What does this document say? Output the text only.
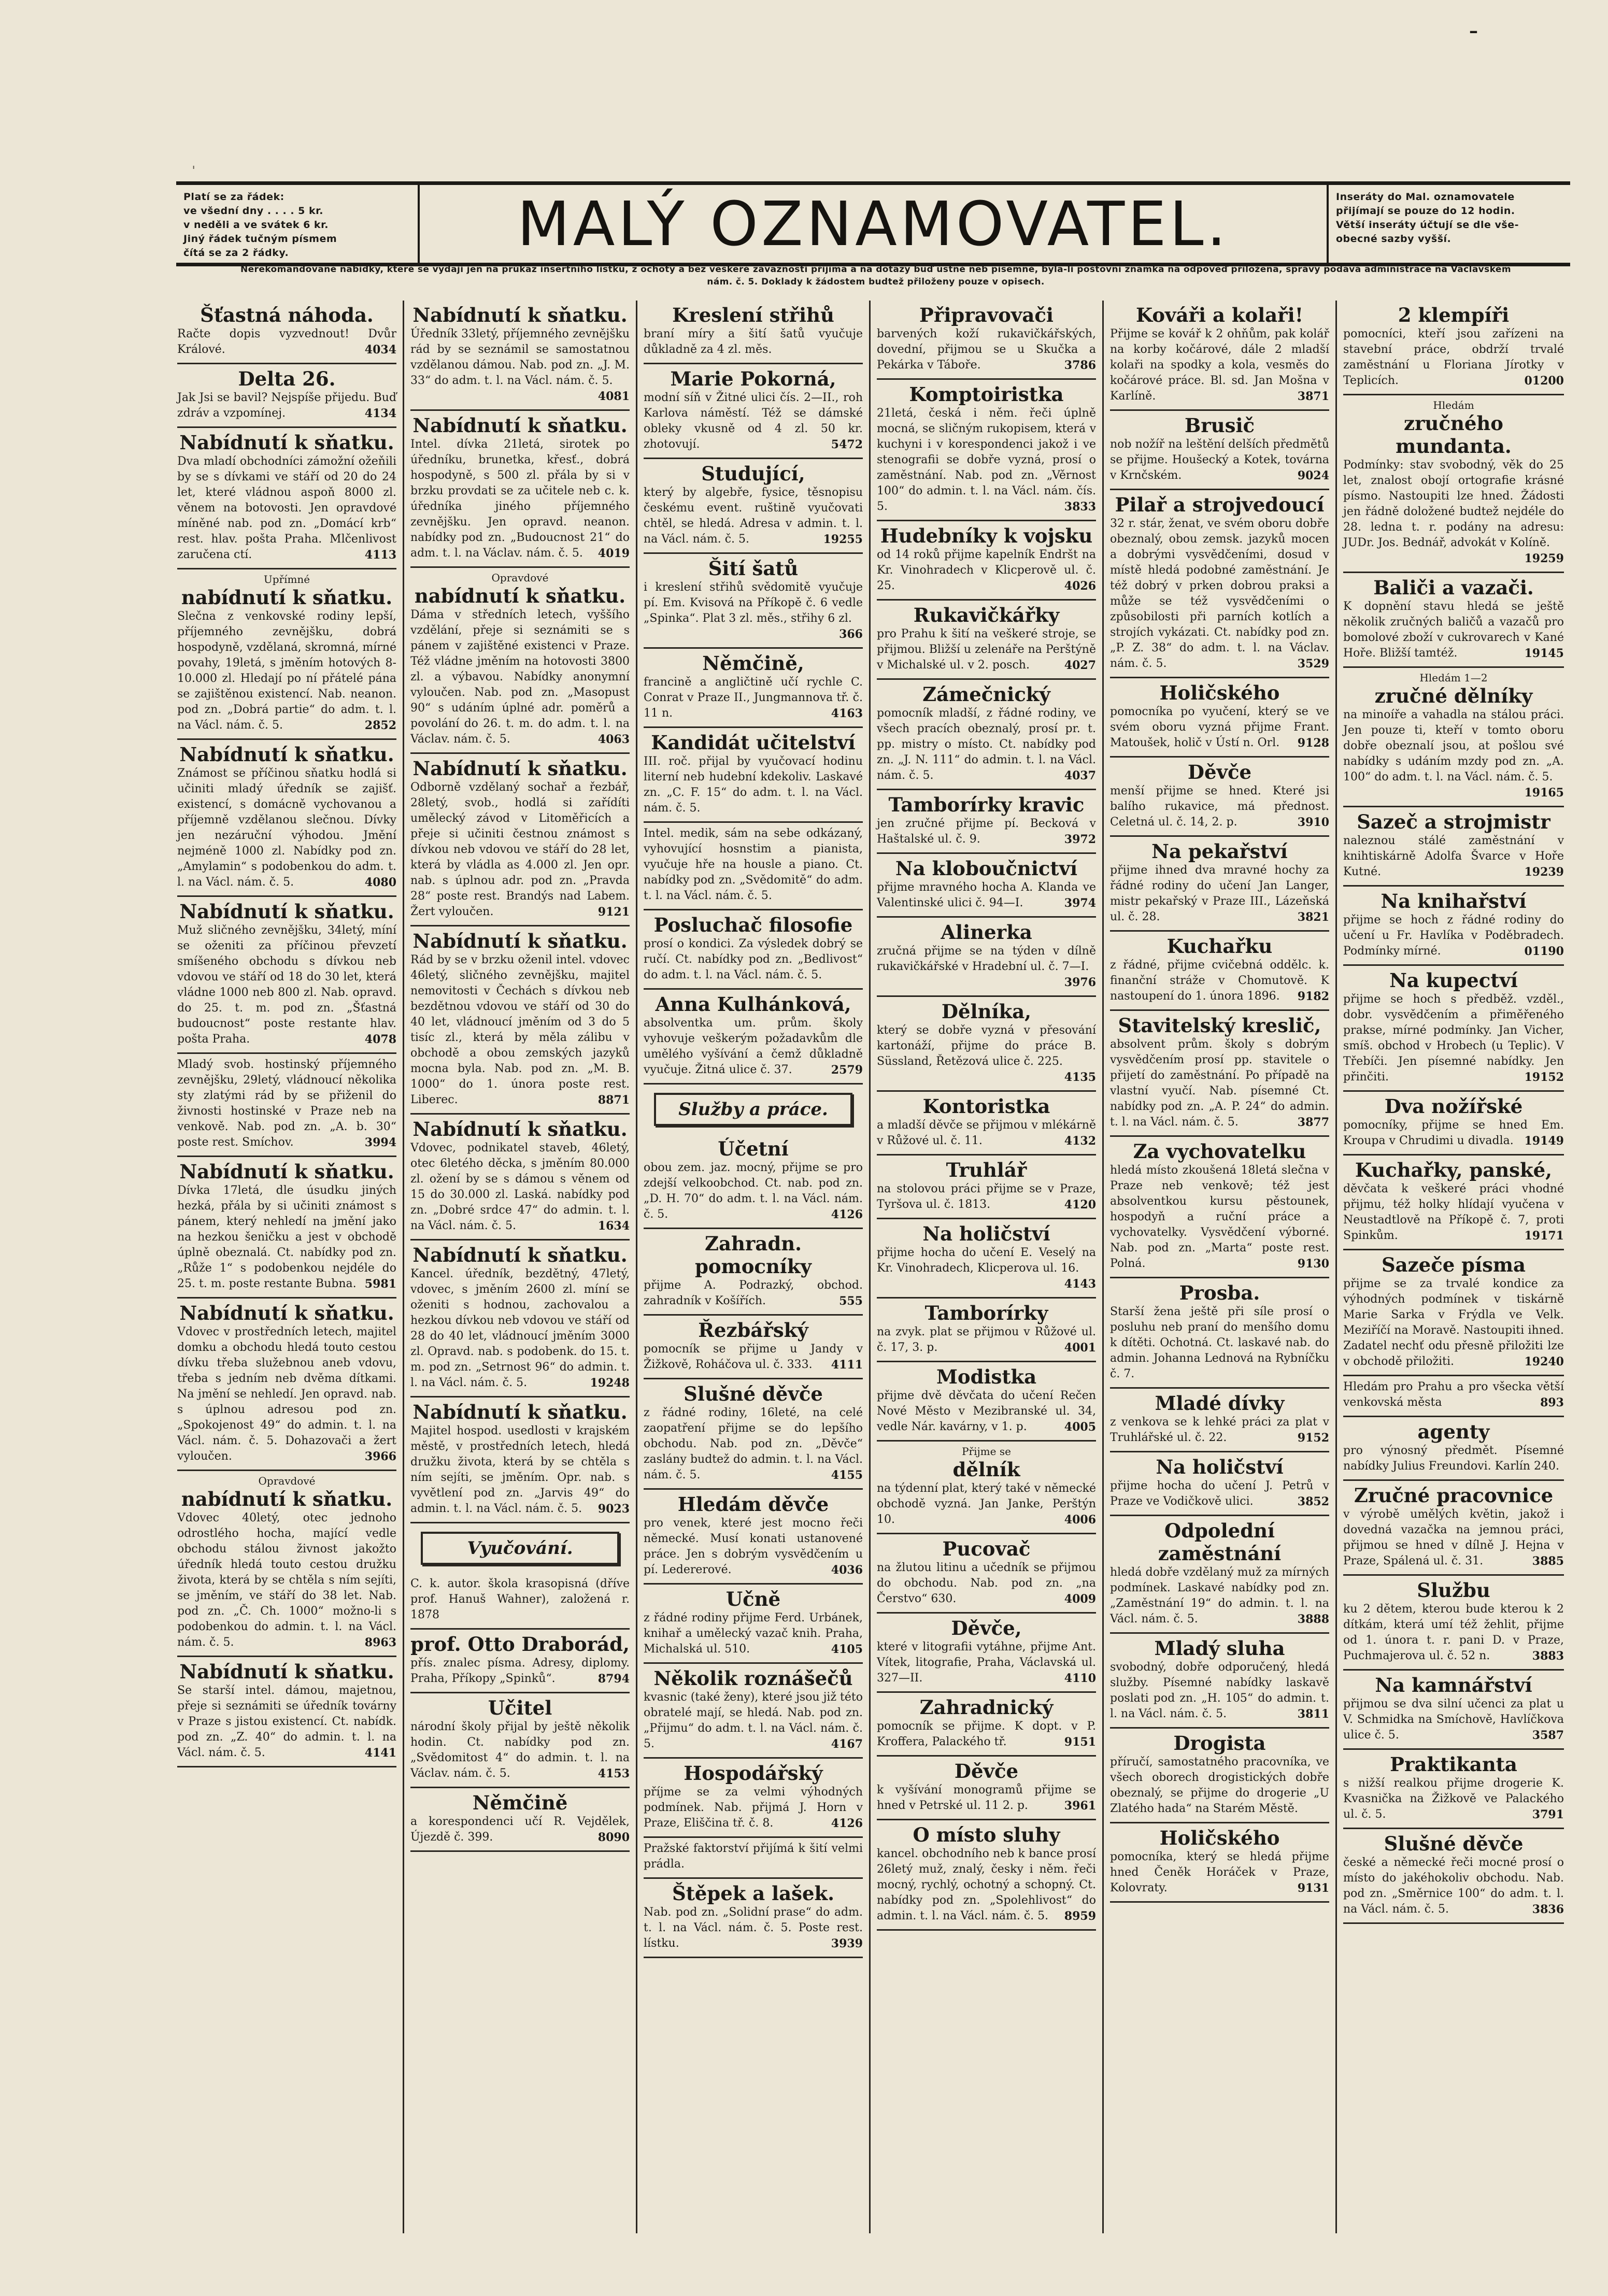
–
ˌ
Platí se za řádek:
ve všední dny . . . . 5 kr.
v neděli a ve svátek 6 kr.
Jiný řádek tučným písmem
čítá se za 2 řádky.	MALÝ OZNAMOVATEL.	Inseráty do Mal. oznamovatele
přijímají se pouze do 12 hodin.
Větší inseráty účtují se dle vše-
obecné sazby vyšší.
Nerekomandované nabídky, které se vydají jen na průkaz insertního lístku, z ochoty a bez veškeré závaznosti přijímá a na dotazy buď ústně neb písemně, byla-li poštovní známka na odpověď přiložena, správy podává administrace na Václavském nám. č. 5. Doklady k žádostem budtež přiloženy pouze v opisech.
Šťastná náhoda.
Račte dopis vyzvednout! Dvůr Králové.	4034
Delta 26.
Jak Jsi se bavil? Nejspíše přijedu. Buď zdráv a vzpomínej.	4134
Nabídnutí k sňatku.
Dva mladí obchodníci zámožní ožeňili by se s dívkami ve stáří od 20 do 24 let, které vládnou aspoň 8000 zl. věnem na botovosti. Jen opravdové míněné nab. pod zn. „Domácí krb“ rest. hlav. pošta Praha. Mlčenlivost zaručena ctí.	4113
Upřímné
nabídnutí k sňatku.
Slečna z venkovské rodiny lepší, příjemného zevnějšku, dobrá hospodyně, vzdělaná, skromná, mírné povahy, 19letá, s jměním hotových 8-10.000 zl. Hledají po ní přátelé pána se zajištěnou existencí. Nab. neanon. pod zn. „Dobrá partie“ do adm. t. l. na Václ. nám. č. 5.	2852
Nabídnutí k sňatku.
Známost se příčinou sňatku hodlá si učiniti mladý úředník se zajišť. existencí, s domácně vychovanou a příjemně vzdělanou slečnou. Dívky jen nezáruční výhodou. Jmění nejméně 1000 zl. Nabídky pod zn. „Amylamin“ s podobenkou do adm. t. l. na Václ. nám. č. 5.	4080
Nabídnutí k sňatku.
Muž sličného zevnějšku, 34letý, míní se oženiti za příčinou převzetí smíšeného obchodu s dívkou neb vdovou ve stáří od 18 do 30 let, která vládne 1000 neb 800 zl. Nab. opravd. do 25. t. m. pod zn. „Šťastná budoucnost“ poste restante hlav. pošta Praha.	4078
Mladý svob. hostinský příjemného zevnějšku, 29letý, vládnoucí několika sty zlatými rád by se přiženil do živnosti hostinské v Praze neb na venkově. Nab. pod zn. „A. b. 30“ poste rest. Smíchov.	3994
Nabídnutí k sňatku.
Dívka 17letá, dle úsudku jiných hezká, přála by si učiniti známost s pánem, který nehledí na jmění jako na hezkou šeničku a jest v obchodě úplně obeznalá. Ct. nabídky pod zn. „Růže 1“ s podobenkou nejdéle do 25. t. m. poste restante Bubna. 5981
Nabídnutí k sňatku.
Vdovec v prostředních letech, majitel domku a obchodu hledá touto cestou dívku třeba služebnou aneb vdovu, třeba s jedním neb dvěma dítkami. Na jmění se nehledí. Jen opravd. nab. s úplnou adresou pod zn. „Spokojenost 49“ do admin. t. l. na Václ. nám. č. 5. Dohazovači a žert vyloučen.	3966
Opravdové
nabídnutí k sňatku.
Vdovec 40letý, otec jednoho odrostlého hocha, mající vedle obchodu stálou živnost jakožto úředník hledá touto cestou družku života, která by se chtěla s ním sejíti, se jměním, ve stáří do 38 let. Nab. pod zn. „Č. Ch. 1000“ možno-li s podobenkou do admin. t. l. na Václ. nám. č. 5.	8963
Nabídnutí k sňatku.
Se starší intel. dámou, majetnou, přeje si seznámiti se úředník továrny v Praze s jistou existencí. Ct. nabídk. pod zn. „Z. 40“ do admin. t. l. na Václ. nám. č. 5.	4141
Nabídnutí k sňatku.
Úředník 33letý, příjemného zevnějšku rád by se seznámil se samostatnou vzdělanou dámou. Nab. pod zn. „J. M. 33“ do adm. t. l. na Václ. nám. č. 5.
4081
Nabídnutí k sňatku.
Intel. dívka 21letá, sirotek po úředníku, brunetka, křesť., dobrá hospodyně, s 500 zl. přála by si v brzku provdati se za učitele neb c. k. úředníka jiného příjemného zevnějšku. Jen opravd. neanon. nabídky pod zn. „Budoucnost 21“ do adm. t. l. na Václav. nám. č. 5. 4019
Opravdové
nabídnutí k sňatku.
Dáma v středních letech, vyššího vzdělání, přeje si seznámiti se s pánem v zajištěné existenci v Praze. Též vládne jměním na hotovosti 3800 zl. a výbavou. Nabídky anonymní vyloučen. Nab. pod zn. „Masopust 90“ s udáním úplné adr. poměrů a povolání do 26. t. m. do adm. t. l. na Václav. nám. č. 5.	4063
Nabídnutí k sňatku.
Odborně vzdělaný sochař a řezbář, 28letý, svob., hodlá si zařídíti umělecký závod v Litoměřicích a přeje si učiniti čestnou známost s dívkou neb vdovou ve stáří do 28 let, která by vládla as 4.000 zl. Jen opr. nab. s úplnou adr. pod zn. „Pravda 28“ poste rest. Brandýs nad Labem. Žert vyloučen.	9121
Nabídnutí k sňatku.
Rád by se v brzku oženil intel. vdovec 46letý, sličného zevnějšku, majitel nemovitosti v Čechách s dívkou neb bezdětnou vdovou ve stáří od 30 do 40 let, vládnoucí jměním od 3 do 5 tisíc zl., která by měla zálibu v obchodě a obou zemských jazyků mocna byla. Nab. pod zn. „M. B. 1000“ do 1. února poste rest. Liberec.	8871
Nabídnutí k sňatku.
Vdovec, podnikatel staveb, 46letý, otec 6letého děcka, s jměním 80.000 zl. ožení by se s dámou s věnem od 15 do 30.000 zl. Laská. nabídky pod zn. „Dobré srdce 47“ do admin. t. l. na Václ. nám. č. 5.	1634
Nabídnutí k sňatku.
Kancel. úředník, bezdětný, 47letý, vdovec, s jměním 2600 zl. míní se oženiti s hodnou, zachovalou a hezkou dívkou neb vdovou ve stáří od 28 do 40 let, vládnoucí jměním 3000 zl. Opravd. nab. s podobenk. do 15. t. m. pod zn. „Setrnost 96“ do admin. t. l. na Václ. nám. č. 5.	19248
Nabídnutí k sňatku.
Majitel hospod. usedlosti v krajském městě, v prostředních letech, hledá družku života, která by se chtěla s ním sejíti, se jměním. Opr. nab. s vyvětlení pod zn. „Jarvis 49“ do admin. t. l. na Václ. nám. č. 5. 9023
Vyučování.
C. k. autor. škola krasopisná (dříve prof. Hanuš Wahner), založená r. 1878
prof. Otto Draborád,
přís. znalec písma. Adresy, diplomy. Praha, Příkopy „Spinků“.	8794
Učitel
národní školy přijal by ještě několik hodin. Ct. nabídky pod zn. „Svědomitost 4“ do admin. t. l. na Václav. nám. č. 5.	4153
Němčině
a korespondenci učí R. Vejdělek, Újezdě č. 399.	8090
Kreslení střihů
braní míry a šití šatů vyučuje důkladně za 4 zl. měs.
Marie Pokorná,
modní síň v Žitné ulici čís. 2—II., roh Karlova náměstí. Též se dámské obleky vkusně od 4 zl. 50 kr. zhotovují.	5472
Studující,
který by algebře, fysice, těsnopisu českému event. ruštině vyučovati chtěl, se hledá. Adresa v admin. t. l. na Václ. nám. č. 5.	19255
Šití šatů
i kreslení střihů svědomitě vyučuje pí. Em. Kvisová na Příkopě č. 6 vedle „Spinka“. Plat 3 zl. měs., střihy 6 zl.
366
Němčině,
francině a angličtině učí rychle C. Conrat v Praze II., Jungmannova tř. č. 11 n.	4163
Kandidát učitelství
III. roč. přijal by vyučovací hodinu literní neb hudební kdekoliv. Laskavé zn. „C. F. 15“ do adm. t. l. na Václ. nám. č. 5.
Intel. medik, sám na sebe odkázaný, vyhovující hosnstim a pianista, vyučuje hře na housle a piano. Ct. nabídky pod zn. „Svědomitě“ do adm. t. l. na Václ. nám. č. 5.
Posluchač filosofie
prosí o kondici. Za výsledek dobrý se ručí. Ct. nabídky pod zn. „Bedlivost“ do adm. t. l. na Václ. nám. č. 5.
Anna Kulhánková,
absolventka um. prům. školy vyhovuje veškerým požadavkům dle umělého vyšívání a čemž důkladně vyučuje. Žitná ulice č. 37.	2579
Služby a práce.
Účetní
obou zem. jaz. mocný, přijme se pro zdejší velkoobchod. Ct. nab. pod zn. „D. H. 70“ do adm. t. l. na Václ. nám. č. 5.	4126
Zahradn. pomocníky
přijme A. Podrazký, obchod. zahradník v Košířích.	555
Řezbářský
pomocník se přijme u Jandy v Žižkově, Roháčova ul. č. 333. 4111
Slušné děvče
z řádné rodiny, 16leté, na celé zaopatření přijme se do lepšího obchodu. Nab. pod zn. „Děvče“ zaslány budtež do admin. t. l. na Václ. nám. č. 5.	4155
Hledám děvče
pro venek, které jest mocno řeči německé. Musí konati ustanovené práce. Jen s dobrým vysvědčením u pí. Ledererové.	4036
Učně
z řádné rodiny přijme Ferd. Urbánek, knihař a umělecký vazač knih. Praha, Michalská ul. 510.	4105
Několik roznášečů
kvasnic (také ženy), které jsou již této obratelé mají, se hledá. Nab. pod zn. „Přijmu“ do adm. t. l. na Václ. nám. č. 5.	4167
Hospodářský
příjme se za velmi výhodných podmínek. Nab. přijmá J. Horn v Praze, Eliščina tř. č. 8.	4126
Pražské faktorství přijímá k šití velmi prádla.
Štěpek a lašek.
Nab. pod zn. „Solidní prase“ do adm. t. l. na Václ. nám. č. 5. Poste rest. lístku.	3939
Připravovači
barvených koží rukavičkářských, dovední, přijmou se u Skučka a Pekárka v Táboře.	3786
Komptoiristka
21letá, česká i něm. řeči úplně mocná, se sličným rukopisem, která v kuchyni i v korespondenci jakož i ve stenografii se dobře vyzná, prosí o zaměstnání. Nab. pod zn. „Věrnost 100“ do admin. t. l. na Václ. nám. čís. 5.	3833
Hudebníky k vojsku
od 14 roků přijme kapelník Endršt na Kr. Vinohradech v Klicperově ul. č. 25.	4026
Rukavičkářky
pro Prahu k šití na veškeré stroje, se přijmou. Bližší u zelenáře na Perštýně v Michalské ul. v 2. posch.	4027
Zámečnický
pomocník mladší, z řádné rodiny, ve všech pracích obeznalý, prosí pr. t. pp. mistry o místo. Ct. nabídky pod zn. „J. N. 111“ do admin. t. l. na Václ. nám. č. 5.	4037
Tamborírky kravic
jen zručné přijme pí. Becková v Haštalské ul. č. 9.	3972
Na kloboučnictví
přijme mravného hocha A. Klanda ve Valentinské ulici č. 94—I.	3974
Alinerka
zručná přijme se na týden v dílně rukavičkářské v Hradební ul. č. 7—I.
3976
Dělníka,
který se dobře vyzná v přesování kartonáží, přijme do práce B. Süssland, Řetězová ulice č. 225.
4135
Kontoristka
a mladší děvče se přijmou v mlékárně v Růžové ul. č. 11.	4132
Truhlář
na stolovou práci přijme se v Praze, Tyršova ul. č. 1813.	4120
Na holičství
přijme hocha do učení E. Veselý na Kr. Vinohradech, Klicperova ul. 16.
4143
Tamborírky
na zvyk. plat se přijmou v Růžové ul. č. 17, 3. p.	4001
Modistka
přijme dvě děvčata do učení Rečen Nové Město v Mezibranské ul. 34, vedle Nár. kavárny, v 1. p.	4005
Přijme se
dělník
na týdenní plat, který také v německé obchodě vyzná. Jan Janke, Perštýn 10.	4006
Pucovač
na žlutou litinu a učedník se přijmou do obchodu. Nab. pod zn. „na Čerstvo“ 630.	4009
Děvče,
které v litografii vytáhne, přijme Ant. Vítek, litografie, Praha, Václavská ul. 327—II.	4110
Zahradnický
pomocník se přijme. K dopt. v P. Kroffera, Palackého tř.	9151
Děvče
k vyšívání monogramů přijme se hned v Petrské ul. 11 2. p.	3961
O místo sluhy
kancel. obchodního neb k bance prosí 26letý muž, znalý, česky i něm. řeči mocný, rychlý, ochotný a schopný. Ct. nabídky pod zn. „Spolehlivost“ do admin. t. l. na Václ. nám. č. 5. 8959
Kováři a kolaři!
Přijme se kovář k 2 ohňům, pak kolář na korby kočárové, dále 2 mladší kolaři na spodky a kola, vesměs do kočárové práce. Bl. sd. Jan Mošna v Karlíně.	3871
Brusič
nob nožíř na leštění delších předmětů se přijme. Houšecký a Kotek, továrna v Krnčském.	9024
Pilař a strojvedoucí
32 r. stár, ženat, ve svém oboru dobře obeznalý, obou zemsk. jazyků mocen a dobrými vysvědčeními, dosud v místě hledá podobné zaměstnání. Je též dobrý v prken dobrou praksi a může se též vysvědčeními o způsobilosti při parních kotlích a strojích vykázati. Ct. nabídky pod zn. „P. Z. 38“ do adm. t. l. na Václav. nám. č. 5.	3529
Holičského
pomocníka po vyučení, který se ve svém oboru vyzná přijme Frant. Matoušek, holič v Ústí n. Orl. 9128
Děvče
menší přijme se hned. Které jsi balího rukavice, má přednost. Celetná ul. č. 14, 2. p.	3910
Na pekařství
přijme ihned dva mravné hochy za řádné rodiny do učení Jan Langer, mistr pekařský v Praze III., Lázeňská ul. č. 28.	3821
Kuchařku
z řádné, přijme cvičebná oddělc. k. finanční stráže v Chomutově. K nastoupení do 1. února 1896. 9182
Stavitelský kreslič,
absolvent prům. školy s dobrým vysvědčením prosí pp. stavitele o přijetí do zaměstnání. Po případě na vlastní vyučí. Nab. písemné Ct. nabídky pod zn. „A. P. 24“ do admin. t. l. na Václ. nám. č. 5.	3877
Za vychovatelku
hledá místo zkoušená 18letá slečna v Praze neb venkově; též jest absolventkou kursu pěstounek, hospodyň a ruční práce a vychovatelky. Vysvědčení výborné. Nab. pod zn. „Marta“ poste rest. Polná.	9130
Prosba.
Starší žena ještě při síle prosí o posluhu neb praní do menšího domu k dítěti. Ochotná. Ct. laskavé nab. do admin. Johanna Lednová na Rybníčku č. 7.
Mladé dívky
z venkova se k lehké práci za plat v Truhlářské ul. č. 22.	9152
Na holičství
přijme hocha do učení J. Petrů v Praze ve Vodičkově ulici.	3852
Odpolední zaměstnání
hledá dobře vzdělaný muž za mírných podmínek. Laskavé nabídky pod zn. „Zaměstnání 19“ do admin. t. l. na Václ. nám. č. 5.	3888
Mladý sluha
svobodný, dobře odporučený, hledá služby. Písemné nabídky laskavě poslati pod zn. „H. 105“ do admin. t. l. na Václ. nám. č. 5.	3811
Drogista
příručí, samostatného pracovníka, ve všech oborech drogistických dobře obeznalý, se přijme do drogerie „U Zlatého hada“ na Starém Městě.
Holičského
pomocníka, který se hledá přijme hned Čeněk Horáček v Praze, Kolovraty.	9131
2 klempíři
pomocníci, kteří jsou zařízeni na stavební práce, obdrží trvalé zaměstnání u Floriana Jírotky v Teplicích.	01200
Hledám
zručného mundanta.
Podmínky: stav svobodný, věk do 25 let, znalost obojí ortografie krásné písmo. Nastoupiti lze hned. Žádosti jen řádně doložené budtež nejdéle do 28. ledna t. r. podány na adresu: JUDr. Jos. Bednář, advokát v Kolíně.
19259
Baliči a vazači.
K dopnění stavu hledá se ještě několik zručných baličů a vazačů pro bomolové zboží v cukrovarech v Kané Hoře. Bližší tamtéž.	19145
Hledám 1—2
zručné dělníky
na minoíře a vahadla na stálou práci. Jen pouze ti, kteří v tomto oboru dobře obeznalí jsou, at pošlou své nabídky s udáním mzdy pod zn. „A. 100“ do adm. t. l. na Václ. nám. č. 5.
19165
Sazeč a strojmistr
naleznou stálé zaměstnání v knihtiskárně Adolfa Švarce v Hoře Kutné.	19239
Na knihařství
přijme se hoch z řádné rodiny do učení u Fr. Havlíka v Poděbradech. Podmínky mírné.	01190
Na kupectví
přijme se hoch s předběž. vzděl., dobr. vysvědčením a přiměřeného prakse, mírné podmínky. Jan Vicher, smíš. obchod v Hrobech (u Teplic). V Třebíči. Jen písemné nabídky. Jen přinčiti.	19152
Dva nožířské
pomocníky, přijme se hned Em. Kroupa v Chrudimi u divadla. 19149
Kuchařky, panské,
děvčata k veškeré práci vhodné přijmu, též holky hlídají vyučena v Neustadtlově na Příkopě č. 7, proti Spinkům.	19171
Sazeče písma
přijme se za trvalé kondice za výhodných podmínek v tiskárně Marie Sarka v Frýdla ve Velk. Meziříčí na Moravě. Nastoupiti ihned. Zadatel nechť odu přesně přiložiti lze v obchodě přiložiti.	19240
Hledám pro Prahu a pro všecka větší venkovská města	893
agenty
pro výnosný předmět. Písemné nabídky Julius Freundovi. Karlín 240.
Zručné pracovnice
v výrobě umělých květin, jakož i dovedná vazačka na jemnou práci, přijmou se hned v dílně J. Hejna v Praze, Spálená ul. č. 31.	3885
Službu
ku 2 dětem, kterou bude kterou k 2 dítkám, která umí též žehlit, přijme od 1. února t. r. pani D. v Praze, Puchmajerova ul. č. 52 n.	3883
Na kamnářství
přijmou se dva silní učenci za plat u V. Schmidka na Smíchově, Havlíčkova ulice č. 5.	3587
Praktikanta
s nižší realkou přijme drogerie K. Kvasnička na Žižkově ve Palackého ul. č. 5.	3791
Slušné děvče
české a německé řeči mocné prosí o místo do jakéhokoliv obchodu. Nab. pod zn. „Směrnice 100“ do adm. t. l. na Václ. nám. č. 5.	3836
